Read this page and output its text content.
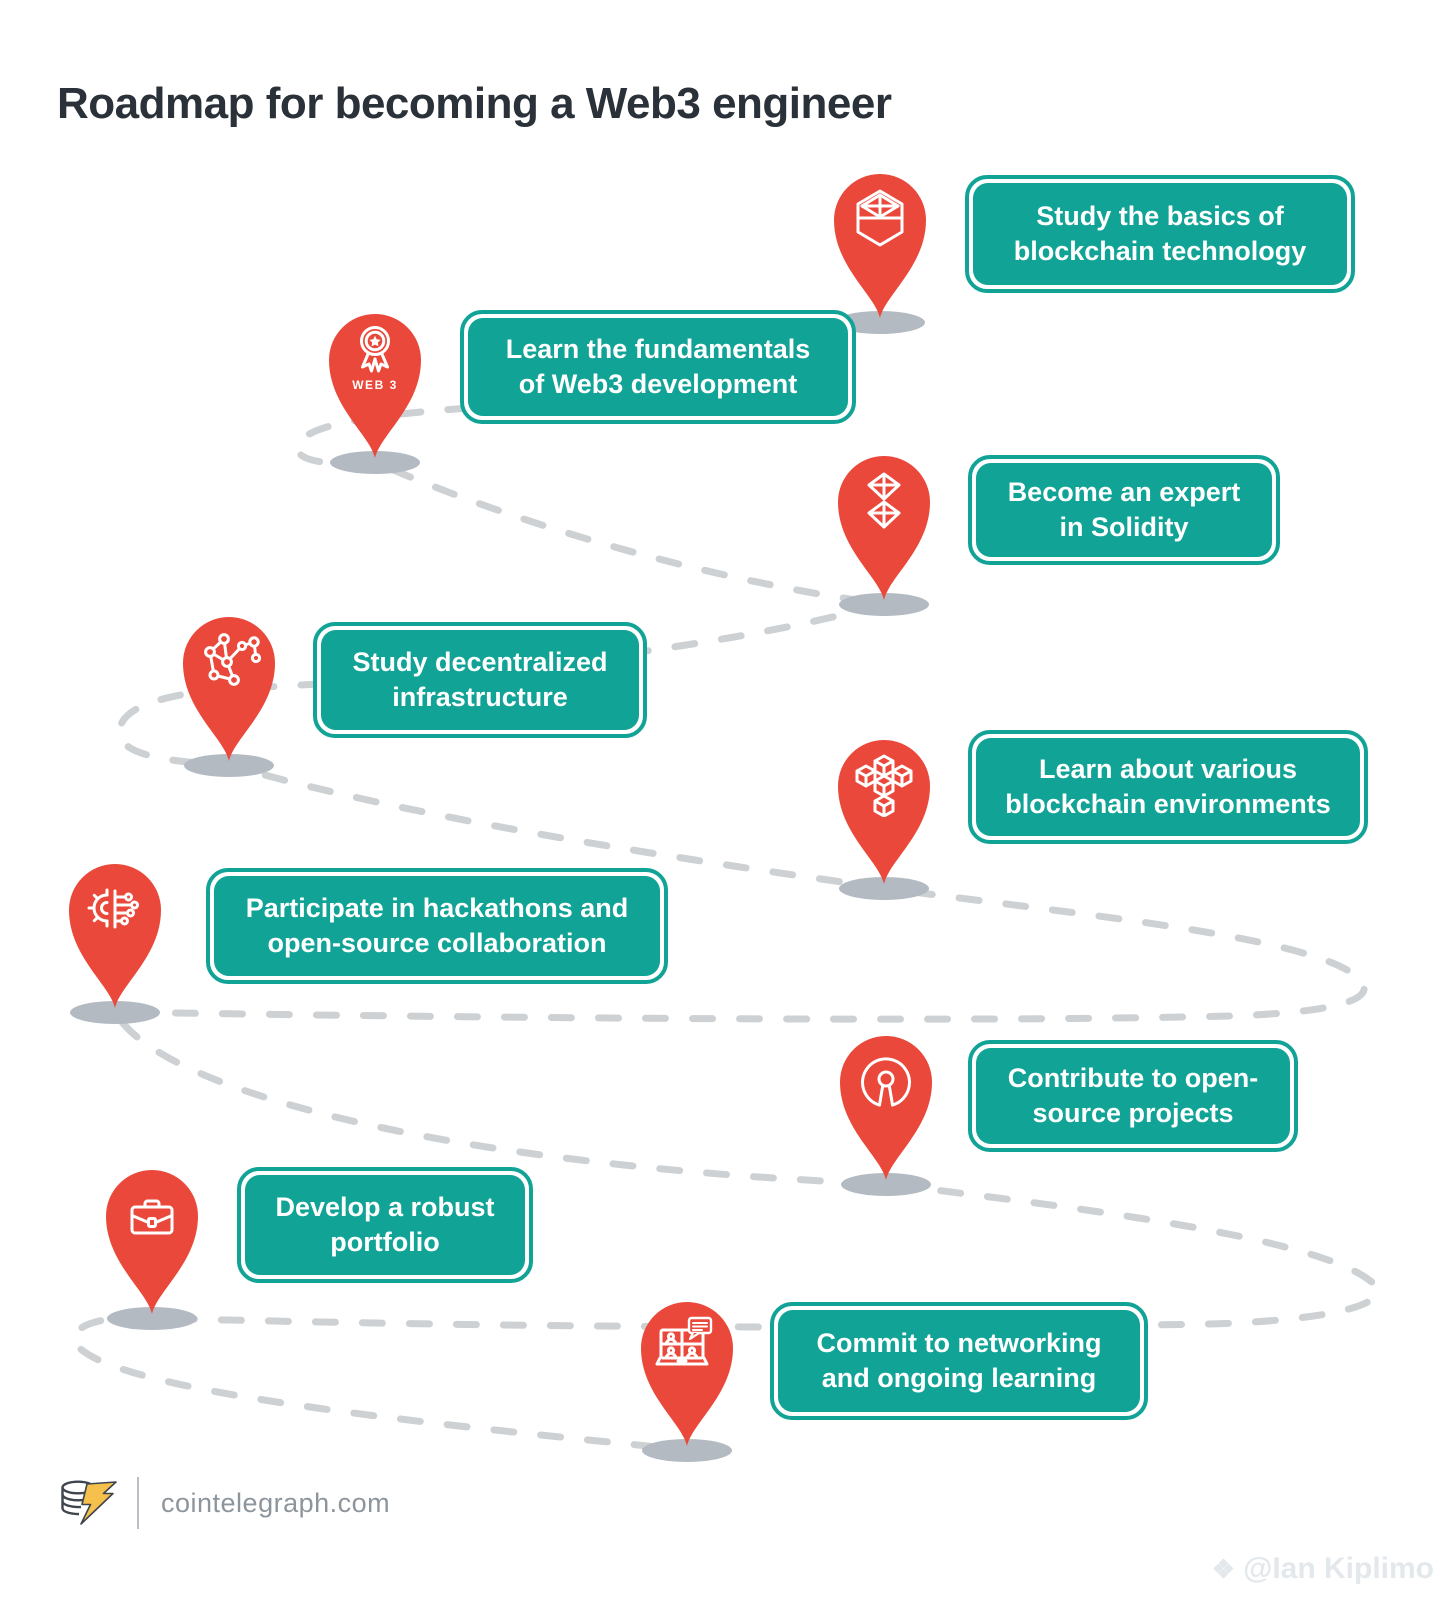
Roadmap for becoming a Web3 engineer
WEB 3
Study the basics of
blockchain technology
Learn the fundamentals
of Web3 development
Become an expert
in Solidity
Study decentralized
infrastructure
Learn about various
blockchain environments
Participate in hackathons and
open-source collaboration
Contribute to open-
source projects
Develop a robust
portfolio
Commit to networking
and ongoing learning
cointelegraph.com
❖ @Ian Kiplimo
